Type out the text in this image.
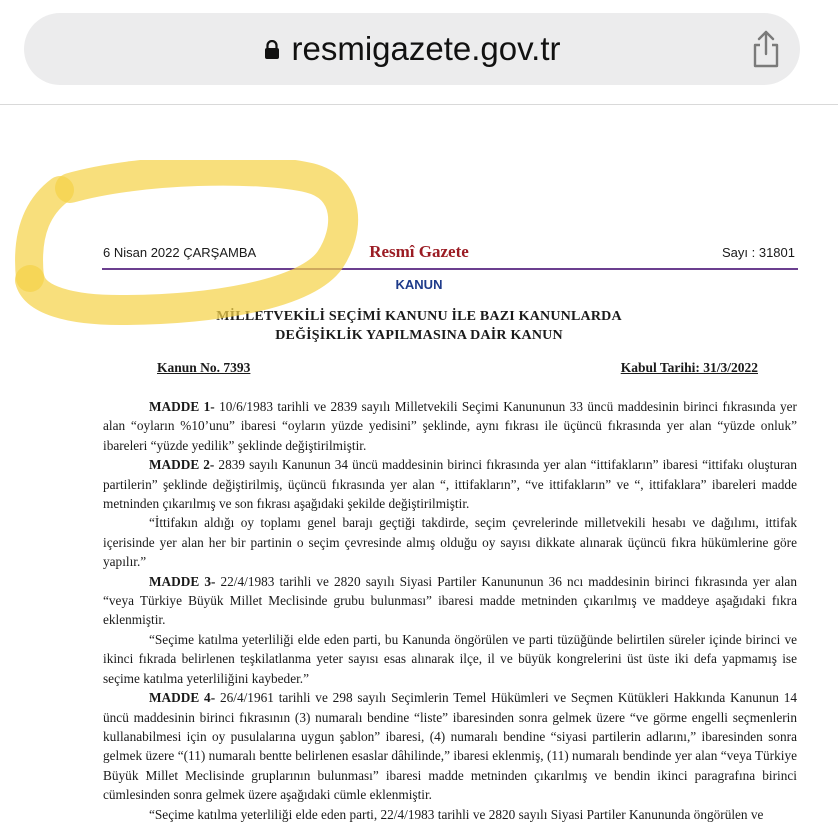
resmigazete.gov.tr
6 Nisan 2022 ÇARŞAMBA	Resmî Gazete	Sayı : 31801
KANUN
MİLLETVEKİLİ SEÇİMİ KANUNU İLE BAZI KANUNLARDA
DEĞİŞİKLİK YAPILMASINA DAİR KANUN
Kanun No. 7393	Kabul Tarihi: 31/3/2022

MADDE 1- 10/6/1983 tarihli ve 2839 sayılı Milletvekili Seçimi Kanununun 33 üncü maddesinin birinci fıkrasında yer alan “oyların %10’unu” ibaresi “oyların yüzde yedisini” şeklinde, aynı fıkrası ile üçüncü fıkrasında yer alan “yüzde onluk” ibareleri “yüzde yedilik” şeklinde değiştirilmiştir.

MADDE 2- 2839 sayılı Kanunun 34 üncü maddesinin birinci fıkrasında yer alan “ittifakların” ibaresi “ittifakı oluşturan partilerin” şeklinde değiştirilmiş, üçüncü fıkrasında yer alan “, ittifakların”, “ve ittifakların” ve “, ittifaklara” ibareleri madde metninden çıkarılmış ve son fıkrası aşağıdaki şekilde değiştirilmiştir.

“İttifakın aldığı oy toplamı genel barajı geçtiği takdirde, seçim çevrelerinde milletvekili hesabı ve dağılımı, ittifak içerisinde yer alan her bir partinin o seçim çevresinde almış olduğu oy sayısı dikkate alınarak üçüncü fıkra hükümlerine göre yapılır.”

MADDE 3- 22/4/1983 tarihli ve 2820 sayılı Siyasi Partiler Kanununun 36 ncı maddesinin birinci fıkrasında yer alan “veya Türkiye Büyük Millet Meclisinde grubu bulunması” ibaresi madde metninden çıkarılmış ve maddeye aşağıdaki fıkra eklenmiştir.

“Seçime katılma yeterliliği elde eden parti, bu Kanunda öngörülen ve parti tüzüğünde belirtilen süreler içinde birinci ve ikinci fıkrada belirlenen teşkilatlanma yeter sayısı esas alınarak ilçe, il ve büyük kongrelerini üst üste iki defa yapmamış ise seçime katılma yeterliliğini kaybeder.”

MADDE 4- 26/4/1961 tarihli ve 298 sayılı Seçimlerin Temel Hükümleri ve Seçmen Kütükleri Hakkında Kanunun 14 üncü maddesinin birinci fıkrasının (3) numaralı bendine “liste” ibaresinden sonra gelmek üzere “ve görme engelli seçmenlerin kullanabilmesi için oy pusulalarına uygun şablon” ibaresi, (4) numaralı bendine “siyasi partilerin adlarını,” ibaresinden sonra gelmek üzere “(11) numaralı bentte belirlenen esaslar dâhilinde,” ibaresi eklenmiş, (11) numaralı bendinde yer alan “veya Türkiye Büyük Millet Meclisinde gruplarının bulunması” ibaresi madde metninden çıkarılmış ve bendin ikinci paragrafına birinci cümlesinden sonra gelmek üzere aşağıdaki cümle eklenmiştir.

“Seçime katılma yeterliliği elde eden parti, 22/4/1983 tarihli ve 2820 sayılı Siyasi Partiler Kanununda öngörülen ve
